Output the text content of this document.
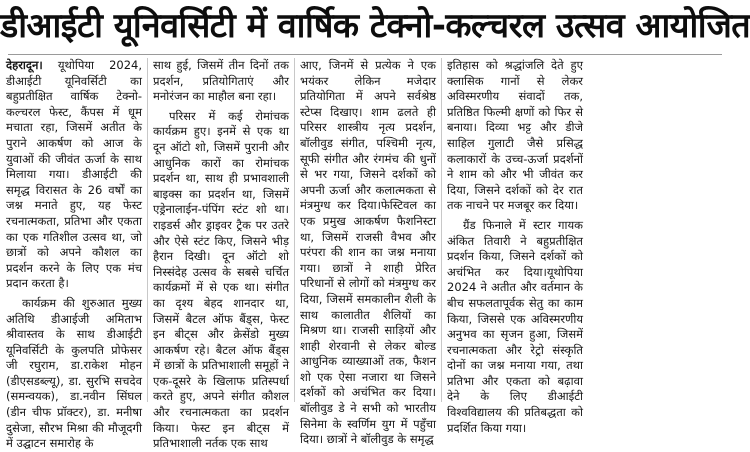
डीआईटी यूनिवर्सिटी में वार्षिक टेक्नो-कल्चरल उत्सव आयोजित

देहरादून। यूथोपिया 2024, डीआईटी यूनिवर्सिटी का बहुप्रतीक्षित वार्षिक टेक्नो-कल्चरल फेस्ट, कैंपस में धूम मचाता रहा, जिसमें अतीत के पुराने आकर्षण को आज के युवाओं की जीवंत ऊर्जा के साथ मिलाया गया। डीआईटी की समृद्ध विरासत के 26 वर्षों का जश्न मनाते हुए, यह फेस्ट रचनात्मकता, प्रतिभा और एकता का एक गतिशील उत्सव था, जो छात्रों को अपने कौशल का प्रदर्शन करने के लिए एक मंच प्रदान करता है।

कार्यक्रम की शुरुआत मुख्य अतिथि डीआईजी अमिताभ श्रीवास्तव के साथ डीआईटी यूनिवर्सिटी के कुलपति प्रोफेसर जी रघुराम, डा.राकेश मोहन (डीएसडब्ल्यू), डा. सुरभि सचदेव (समन्वयक), डा.नवीन सिंघल (डीन चीफ प्रॉक्टर), डा. मनीषा दुसेजा, सौरभ मिश्रा की मौजूदगी में उद्घाटन समारोह के

साथ हुई, जिसमें तीन दिनों तक प्रदर्शन, प्रतियोगिताएं और मनोरंजन का माहौल बना रहा।

परिसर में कई रोमांचक कार्यक्रम हुए। इनमें से एक था दून ऑटो शो, जिसमें पुरानी और आधुनिक कारों का रोमांचक प्रदर्शन था, साथ ही प्रभावशाली बाइक्स का प्रदर्शन था, जिसमें एड्रेनालाईन-पंपिंग स्टंट शो था। राइडर्स और ड्राइवर ट्रैक पर उतरे और ऐसे स्टंट किए, जिसने भीड़ हैरान दिखी। दून ऑटो शो निस्संदेह उत्सव के सबसे चर्चित कार्यक्रमों में से एक था। संगीत का दृश्य बेहद शानदार था, जिसमें बैटल ऑफ बैंड्स, फेस्ट इन बीट्स और क्रेसेंडो मुख्य आकर्षण रहे। बैटल ऑफ बैंड्स में छात्रों के प्रतिभाशाली समूहों ने एक-दूसरे के खिलाफ प्रतिस्पर्धा करते हुए, अपने संगीत कौशल और रचनात्मकता का प्रदर्शन किया। फेस्ट इन बीट्स में प्रतिभाशाली नर्तक एक साथ

आए, जिनमें से प्रत्येक ने एक भयंकर लेकिन मजेदार प्रतियोगिता में अपने सर्वश्रेष्ठ स्टेप्स दिखाए। शाम ढलते ही परिसर शास्त्रीय नृत्य प्रदर्शन, बॉलीवुड संगीत, पश्चिमी नृत्य, सूफी संगीत और रंगमंच की धुनों से भर गया, जिसने दर्शकों को अपनी ऊर्जा और कलात्मकता से मंत्रमुग्ध कर दिया।फेस्टिवल का एक प्रमुख आकर्षण फैशनिस्टा था, जिसमें राजसी वैभव और परंपरा की शान का जश्न मनाया गया। छात्रों ने शाही प्रेरित परिधानों से लोगों को मंत्रमुग्ध कर दिया, जिसमें समकालीन शैली के साथ कालातीत शैलियों का मिश्रण था। राजसी साड़ियों और शाही शेरवानी से लेकर बोल्ड आधुनिक व्याख्याओं तक, फैशन शो एक ऐसा नजारा था जिसने दर्शकों को अचंभित कर दिया। बॉलीवुड डे ने सभी को भारतीय सिनेमा के स्वर्णिम युग में पहुँचा दिया। छात्रों ने बॉलीवुड के समृद्ध

इतिहास को श्रद्धांजलि देते हुए क्लासिक गानों से लेकर अविस्मरणीय संवादों तक, प्रतिष्ठित फिल्मी क्षणों को फिर से बनाया। दिव्या भट्ट और डीजे साहिल गुलाटी जैसे प्रसिद्ध कलाकारों के उच्च-ऊर्जा प्रदर्शनों ने शाम को और भी जीवंत कर दिया, जिसने दर्शकों को देर रात तक नाचने पर मजबूर कर दिया।

ग्रैंड फिनाले में स्टार गायक अंकित तिवारी ने बहुप्रतीक्षित प्रदर्शन किया, जिसने दर्शकों को अचंभित कर दिया।यूथोपिया 2024 ने अतीत और वर्तमान के बीच सफलतापूर्वक सेतु का काम किया, जिससे एक अविस्मरणीय अनुभव का सृजन हुआ, जिसमें रचनात्मकता और रेट्रो संस्कृति दोनों का जश्न मनाया गया, तथा प्रतिभा और एकता को बढ़ावा देने के लिए डीआईटी विश्वविद्यालय की प्रतिबद्धता को प्रदर्शित किया गया।
